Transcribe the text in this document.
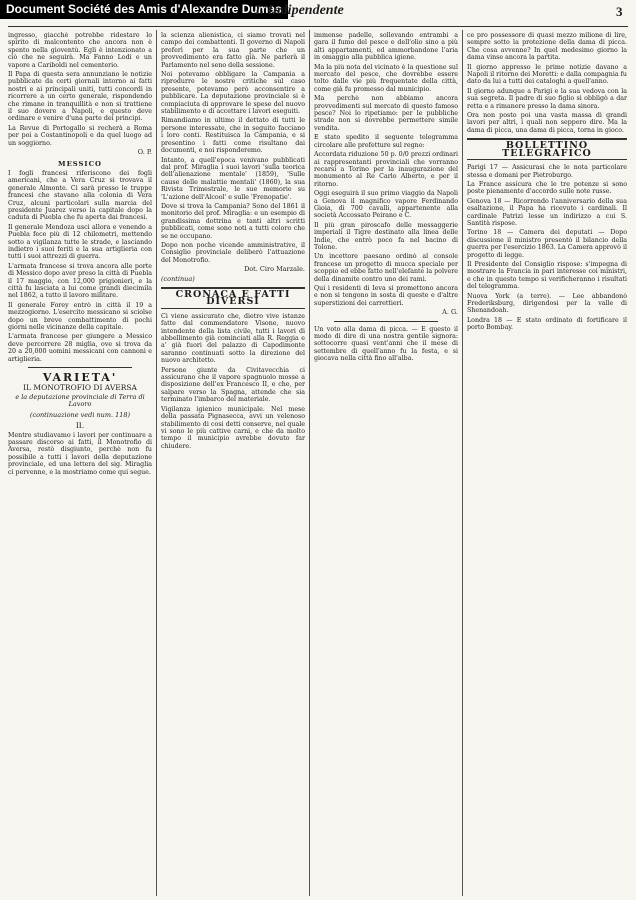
Document Société des Amis d'Alexandre Dumas
L'Indipendente	3

ingresso, giacchè potrebbe ridestare lo spirito di malcontento che ancora non è spento nella gioventù. Egli è intenzionato a ciò che ne seguirà. Ma Fanno Lodi e un vapore a Cariboldi nel cementerio.

Il Papa di questa sera annunziano le notizie pubblicate da certi giornali intorno ai fatti nostri e ai principali uniti, tutti concordi in ricorrere a un certo generale, rispondendo che rimane in tranquillità e non si trattiene il suo dovere a Napoli, e questo deve ordinare e venire d'una parte dei principi.

La Revue di Portogallo si recherà a Roma per poi a Costantinopoli e da quel luogo ad un soggiorno.

O. P.
MESSICO

I fogli francesi riferiscono dei fogli americani, che a Vera Cruz si trovava il generale Almonte. Ci sarà presso le truppe francesi che stavano alla colonia di Vera Cruz, alcuni particolari sulla marcia del presidente Juarez verso la capitale dopo la caduta di Puebla che fu aperta dai francesi.

Il generale Mendoza uscì allora e venendo a Puebla fece più di 12 chilometri, mettendo sotto a vigilanza tutte le strade, e lasciando indietro i suoi feriti e la sua artiglieria con tutti i suoi attrezzi di guerra.

L'armata francese si trova ancora alle porte di Messico dopo aver preso la città di Puebla il 17 maggio, con 12,000 prigionieri, e la città fu lasciata a lui come grandi diecimila nel 1862, a tutto il lavoro militare.

Il generale Forey entrò in città il 19 a mezzogiorno. L'esercito messicano si sciolse dopo un breve combattimento di pochi giorni nelle vicinanze della capitale.

L'armata francese per giungere a Messico deve percorrere 28 miglia, ove si trova da 20 a 20,000 uomini messicani con cannoni e artiglieria.

VARIETA'
IL MONOTROFIO DI AVERSA
e la deputazione provinciale di Terra di Lavoro
(continuazione vedi num. 118)
II.

Mentre studiavamo i lavori per continuare a passare discorso ai fatti, il Monotrofio di Aversa, restò disgiunto, perchè non fu possibile a tutti i lavori della deputazione provinciale, ed una lettera del sig. Miraglia ci pervenne, e la mostriamo come qui segue.

la scienza alienistica, ci siamo trovati nel campo dei combattenti. Il governo di Napoli preferì per la sua parte che un provvedimento era fatto già. Ne parlerà il Parlamento nel seno della sessione.

Noi potevamo obbligare la Campania a riprodurre le nostre critiche sul caso presente, potevamo però acconsentire a pubblicare. La deputazione provinciale si è compiaciuta di approvare le spese del nuovo stabilimento e di accettare i lavori eseguiti.

Rimandiamo in ultimo il dettato di tutti le persone interessate, che in seguito facciano i loro conti. Restituisca la Campania, e si presentino i fatti come risultano dai documenti, e noi risponderemo.

Intanto, a quell'epoca venivano pubblicati dal prof. Miraglia i suoi lavori 'sulla teorica dell'alienazione mentale' (1859), 'Sulle cause delle malattie mentali' (1860), la sua Rivista Trimestrale, le sue memorie su 'L'azione dell'Alcool' e sulle 'Frenopatie'.

Dove si trova la Campania? Sono del 1861 il monitorio del prof. Miraglia: e un esempio di grandissima dottrina e tanti altri scritti pubblicati, come sono noti a tutti coloro che se ne occupano.

Dopo non poche vicende amministrative, il Consiglio provinciale deliberò l'attuazione del Monotrofio.

Dot. Ciro Marzale.
(continua)
CRONACA E FATTI DIVERSI

Ci viene assicurato che, dietro vive istanze fatte dal commendatore Visone, nuovo intendente della lista civile, tutti i lavori di abbellimento già cominciati alla R. Reggia e a' già fuori del palazzo di Capodimonte saranno continuati sotto la direzione del nuovo architetto.

Persone giunte da Civitavecchia ci assicurano che il vapore spagnuolo mosse a disposizione dell'ex Francesco II, e che, per salpare verso la Spagna, attende che sia terminato l'imbarco del materiale.

Vigilanza igienico municipale. Nel mese della passata Pignasecca, avvi un velenoso stabilimento di cosi detti conserve, nel quale vi sono le più cattive carni, e che da molto tempo il municipio avrebbe dovuto far chiudere.

immense padelle, sollevando entrambi a gara il fumo del pesce e dell'olio sino a più alti appartamenti, ed ammorbandone l'aria in omaggio alla pubblica igiene.

Ma la più nota del vicinato è la questione sul mercato del pesce, che dovrebbe essere tolto dalle vie più frequentate della città, come già fu promesso dal municipio.

Ma perchè non abbiamo ancora provvedimenti sul mercato di questo famoso pesce? Noi lo ripetiamo: per le pubbliche strade non si dovrebbe permettere simile vendita.

È stato spedito il seguente telegramma circolare alle prefetture sul regno:

Accordata riduzione 50 p. 0/0 prezzi ordinari ai rappresentanti provinciali che vorranno recarsi a Torino per la inaugurazione del monumento al Re Carlo Alberto, e per il ritorno.

Oggi eseguirà il suo primo viaggio da Napoli a Genova il magnifico vapore Ferdinando Gioia, di 700 cavalli, appartenente alla società Accossato Peirano e C.

Il più gran piroscafo delle messaggerie imperiali il Tigre destinato alla linea delle Indie, che entrò poco fa nel bacino di Tolone.

Un incettore paesano ordinò al console francese un progetto di mucca speciale per scoppio ed ebbe fatto nell'elefante la polvere della dinamite contro uno dei rami.

Qui i residenti di Ieva si promettono ancora e non si tengono in sosta di queste e d'altre superstizioni dei carrettieri.

A. G.

Un voto alla dama di picca. — È questo il modo di dire di una nostra gentile signora: sottocorre quasi vent'anni che il mese di settembre di quell'anno fu la festa, e si giocava nella città fino all'alba.

ce pro possessore di quasi mezzo milione di lire, sempre sotto la protezione della dama di picca. Che cosa avvenne? In quel medesimo giorno la dama vinse ancora la partita.

Il giorno appresso le prime notizie davano a Napoli il ritorno dei Moretti: e dalla compagnia fu dato da lui a tutti dei cataloghi a quell'anno.

Il giorno adunque a Parigi e la sua vedova con la sua segreta. Il padre di suo figlio si obbligò a dar retta e a rimanere presso la dama sinora.

Ora non posto poi una vasta massa di grandi lavori per altri, i quali non seppero dire. Ma la dama di picca, una dama di picca, torna in gioco.

BOLLETTINO TELEGRAFICO

Parigi 17 — Assicurasi che le nota particolare stessa e domani per Pietroburgo.

La France assicura che le tre potenze si sono poste pienamente d'accordo sulle note russe.

Genova 18 — Ricorrendo l'anniversario della sua esaltazione, il Papa ha ricevuto i cardinali. Il cardinale Patrizi lesse un indirizzo a cui S. Santità rispose.

Torino 18 — Camera dei deputati — Dopo discussione il ministro presentò il bilancio della guerra per l'esercizio 1863. La Camera approvò il progetto di legge.

Il Presidente del Consiglio rispose: s'impegna di mostrare la Francia in pari interesse coi ministri, e che in questo tempo si verificheranno i risultati del telegramma.

Nuova York (a terre). — Lee abbandonò Frederiksburg, dirigendosi per la valle di Shenandoah.

Londra 18 — È stato ordinato di fortificare il porto Bombay.
